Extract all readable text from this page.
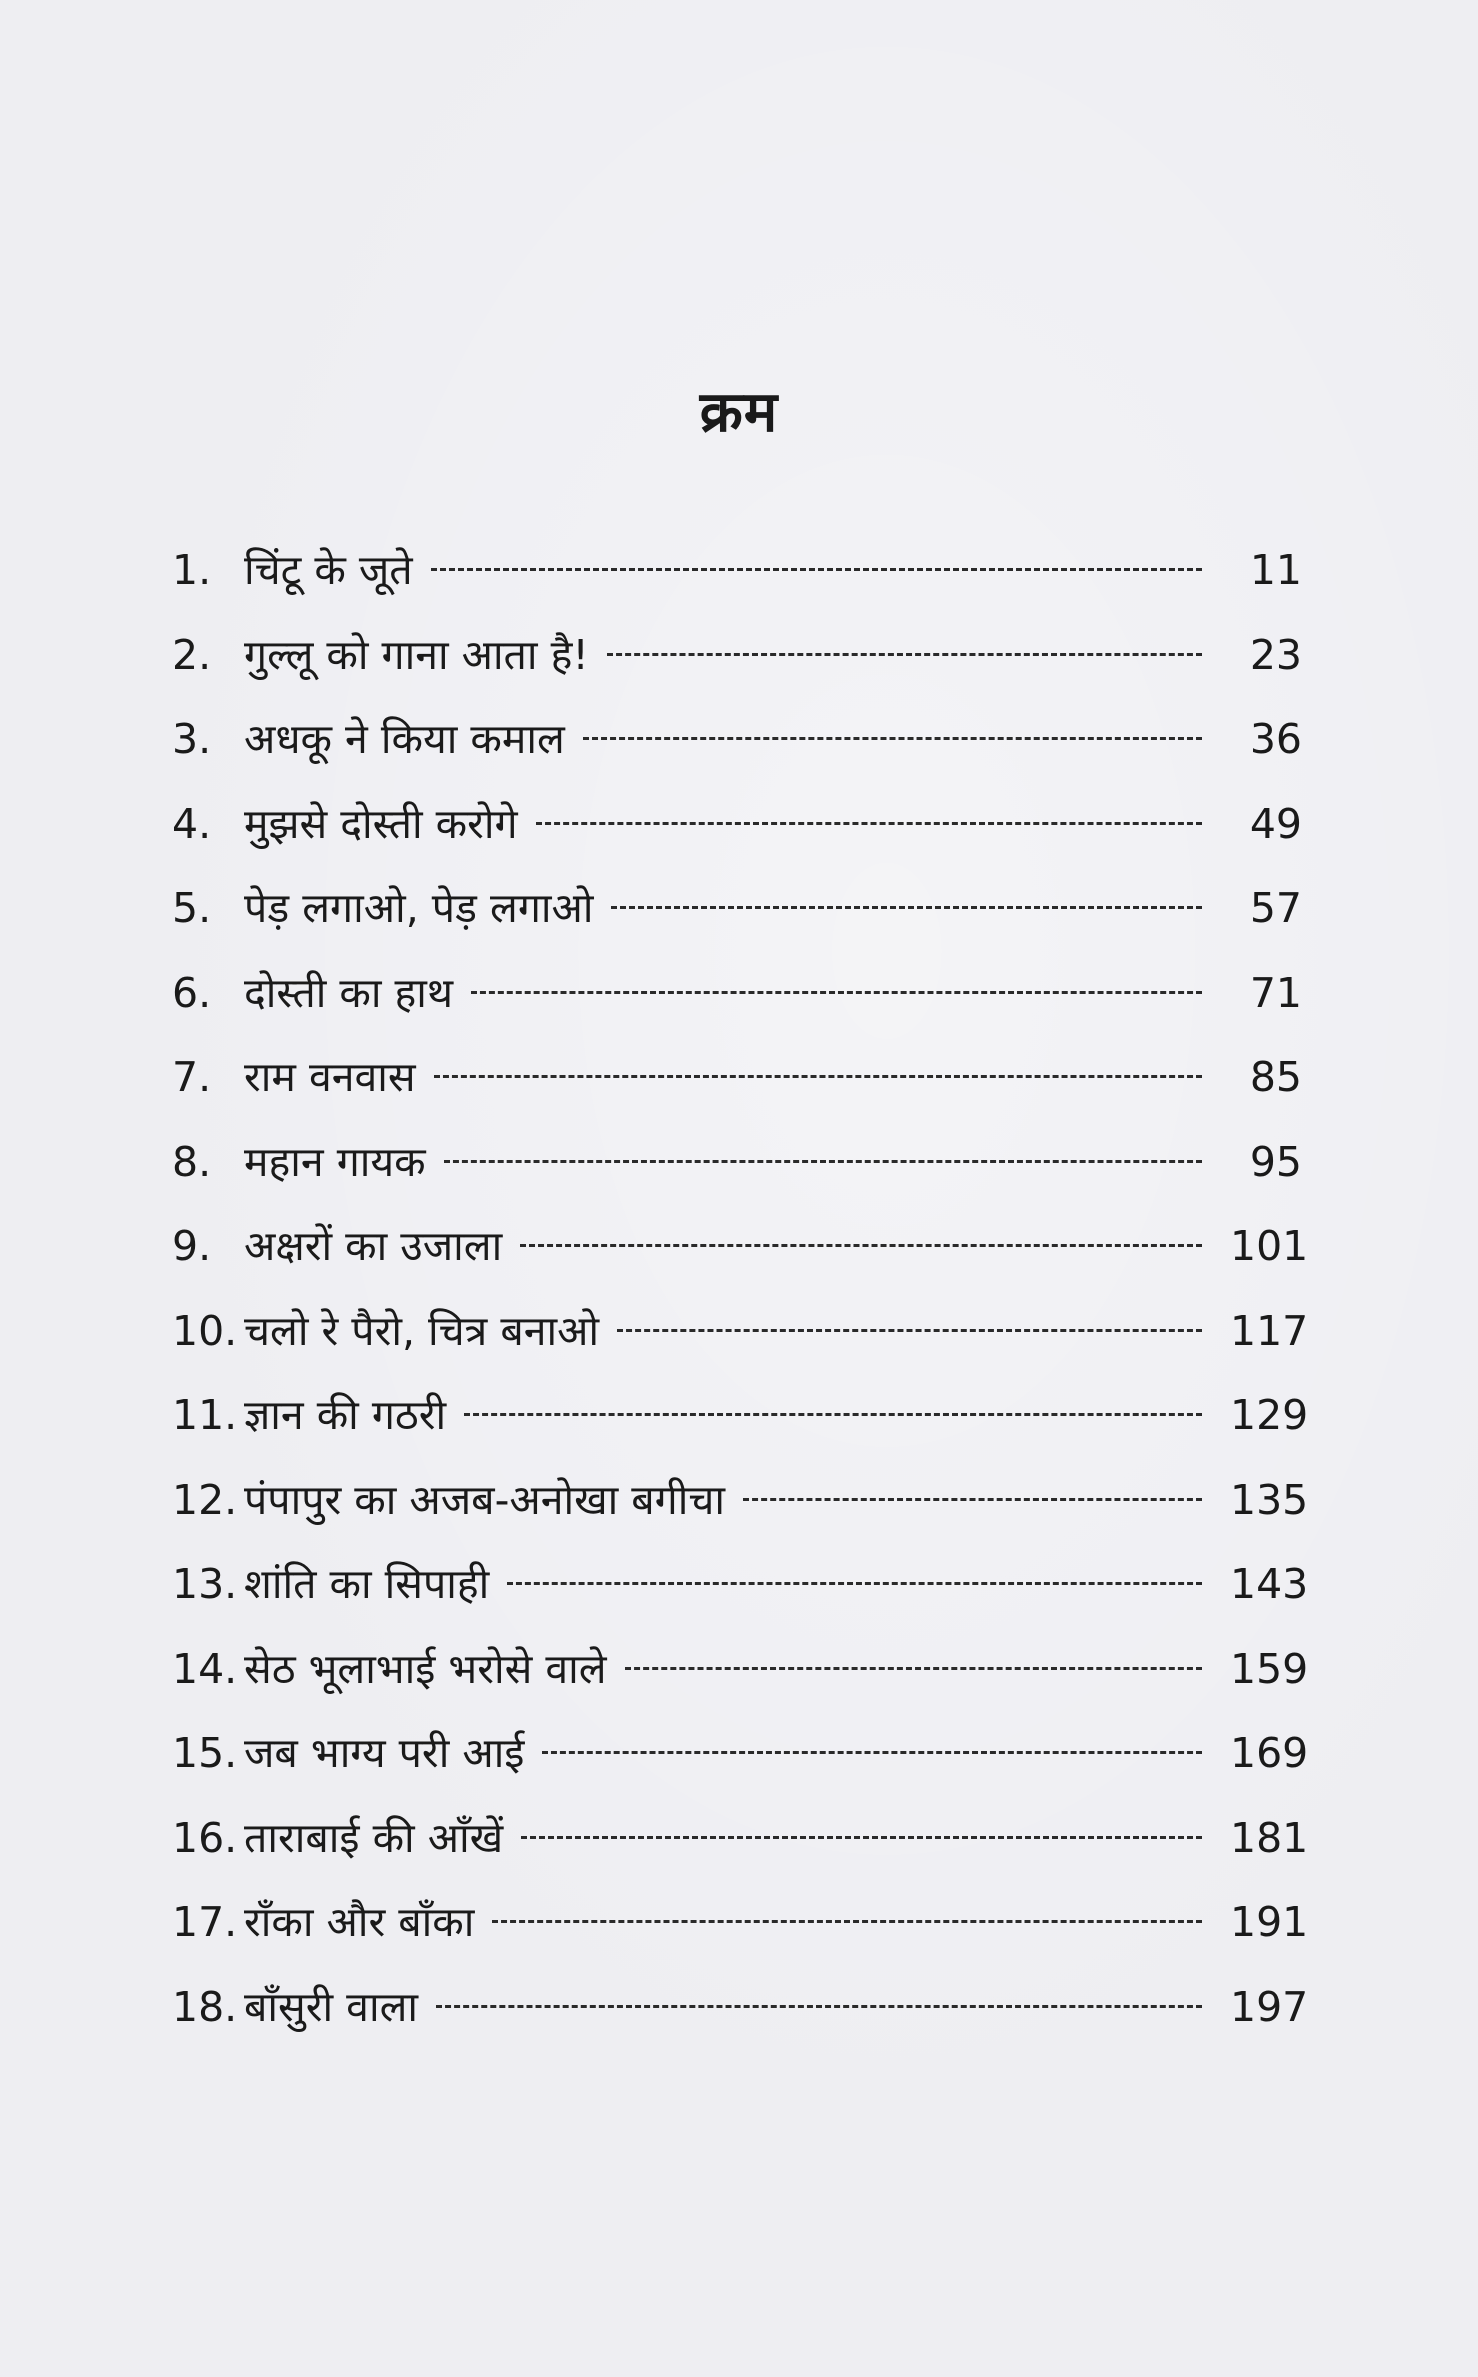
क्रम
1. चिंटू के जूते	11
2. गुल्लू को गाना आता है!	23
3. अधकू ने किया कमाल	36
4. मुझसे दोस्ती करोगे	49
5. पेड़ लगाओ, पेड़ लगाओ	57
6. दोस्ती का हाथ	71
7. राम वनवास	85
8. महान गायक	95
9. अक्षरों का उजाला	101
10. चलो रे पैरो, चित्र बनाओ	117
11. ज्ञान की गठरी	129
12. पंपापुर का अजब-अनोखा बगीचा	135
13. शांति का सिपाही	143
14. सेठ भूलाभाई भरोसे वाले	159
15. जब भाग्य परी आई	169
16. ताराबाई की आँखें	181
17. राँका और बाँका	191
18. बाँसुरी वाला	197
